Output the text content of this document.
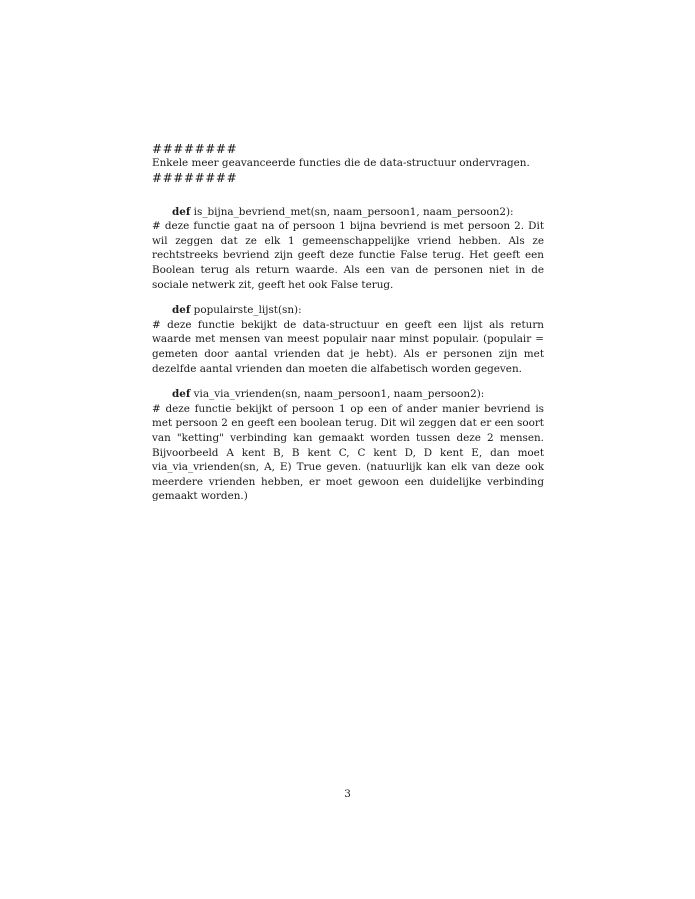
########

Enkele meer geavanceerde functies die de data-structuur ondervragen.

########

def is_bijna_bevriend_met(sn, naam_persoon1, naam_persoon2):

# deze functie gaat na of persoon 1 bijna bevriend is met persoon 2. Dit wil zeggen dat ze elk 1 gemeenschappelijke vriend hebben. Als ze rechtstreeks bevriend zijn geeft deze functie False terug. Het geeft een Boolean terug als return waarde. Als een van de personen niet in de sociale netwerk zit, geeft het ook False terug.

def populairste_lijst(sn):

# deze functie bekijkt de data-structuur en geeft een lijst als return waarde met mensen van meest populair naar minst populair. (populair = gemeten door aantal vrienden dat je hebt). Als er personen zijn met dezelfde aantal vrienden dan moeten die alfabetisch worden gegeven.

def via_via_vrienden(sn, naam_persoon1, naam_persoon2):

# deze functie bekijkt of persoon 1 op een of ander manier bevriend is met persoon 2 en geeft een boolean terug. Dit wil zeggen dat er een soort van "ketting" verbinding kan gemaakt worden tussen deze 2 mensen. Bijvoorbeeld A kent B, B kent C, C kent D, D kent E, dan moet via_via_vrienden(sn, A, E) True geven. (natuurlijk kan elk van deze ook meerdere vrienden hebben, er moet gewoon een duidelijke verbinding gemaakt worden.)

3
